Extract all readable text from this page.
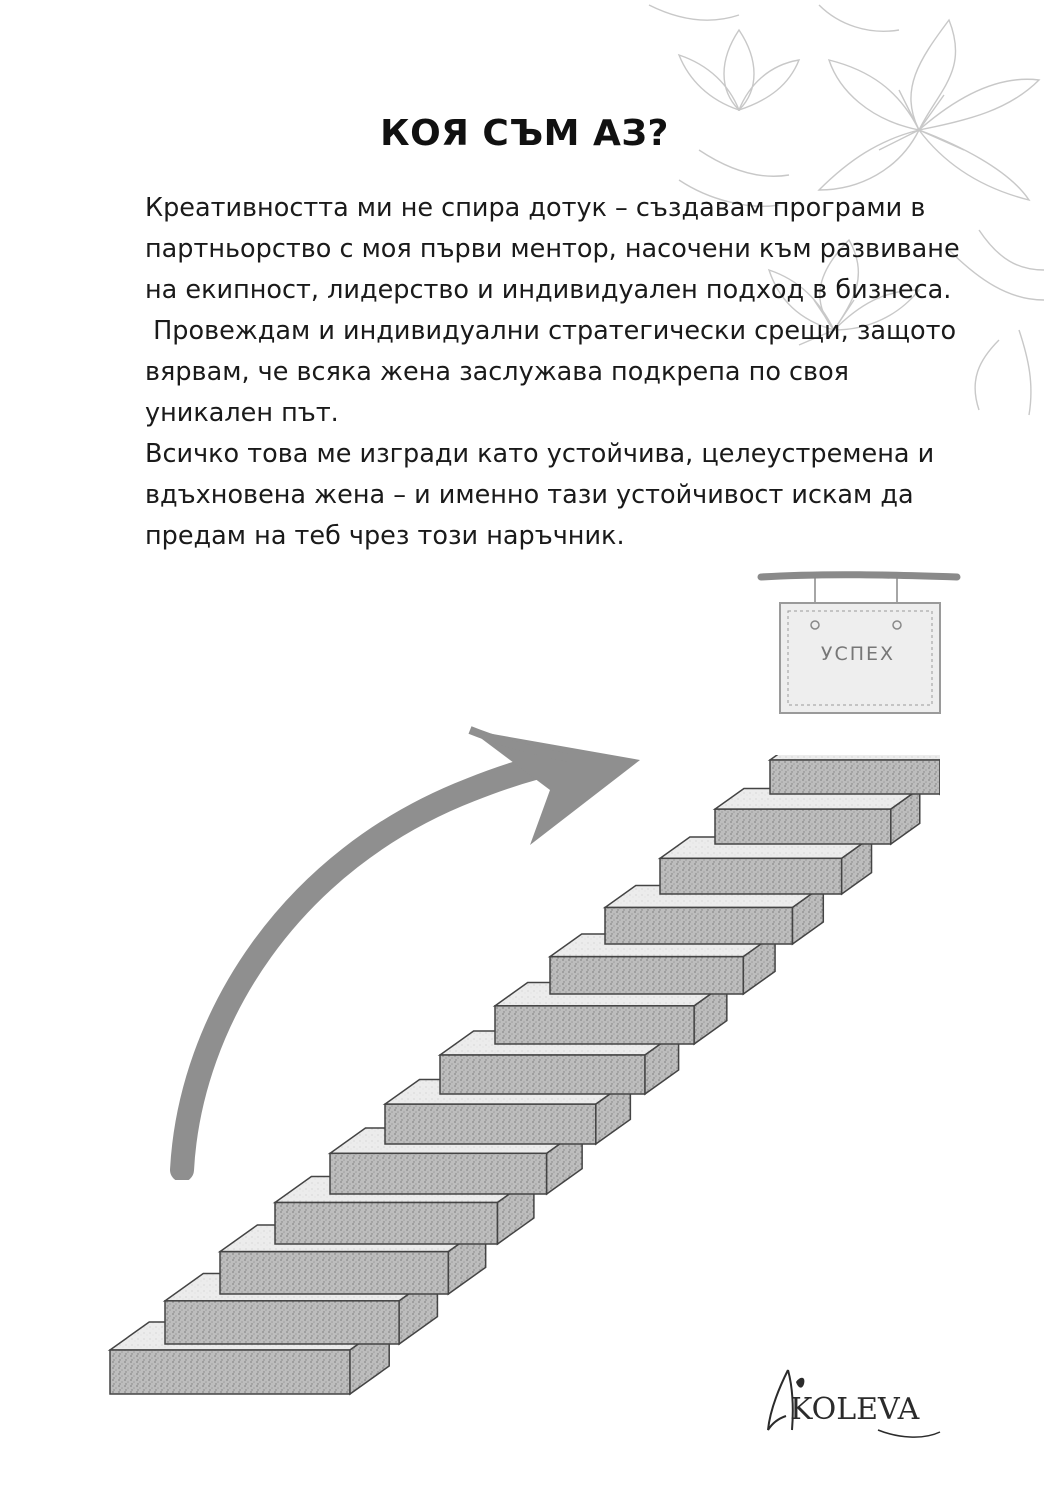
КОЯ СЪМ АЗ?

Креативността ми не спира дотук – създавам програми в партньорство с моя първи ментор, насочени към развиване на екипност, лидерство и индивидуален подход в бизнеса.

Провеждам и индивидуални стратегически срещи, защото вярвам, че всяка жена заслужава подкрепа по своя уникален път.

Всичко това ме изгради като устойчива, целеустремена и вдъхновена жена – и именно тази устойчивост искам да предам на теб чрез този наръчник.

УСПЕХ
KOLEVA
